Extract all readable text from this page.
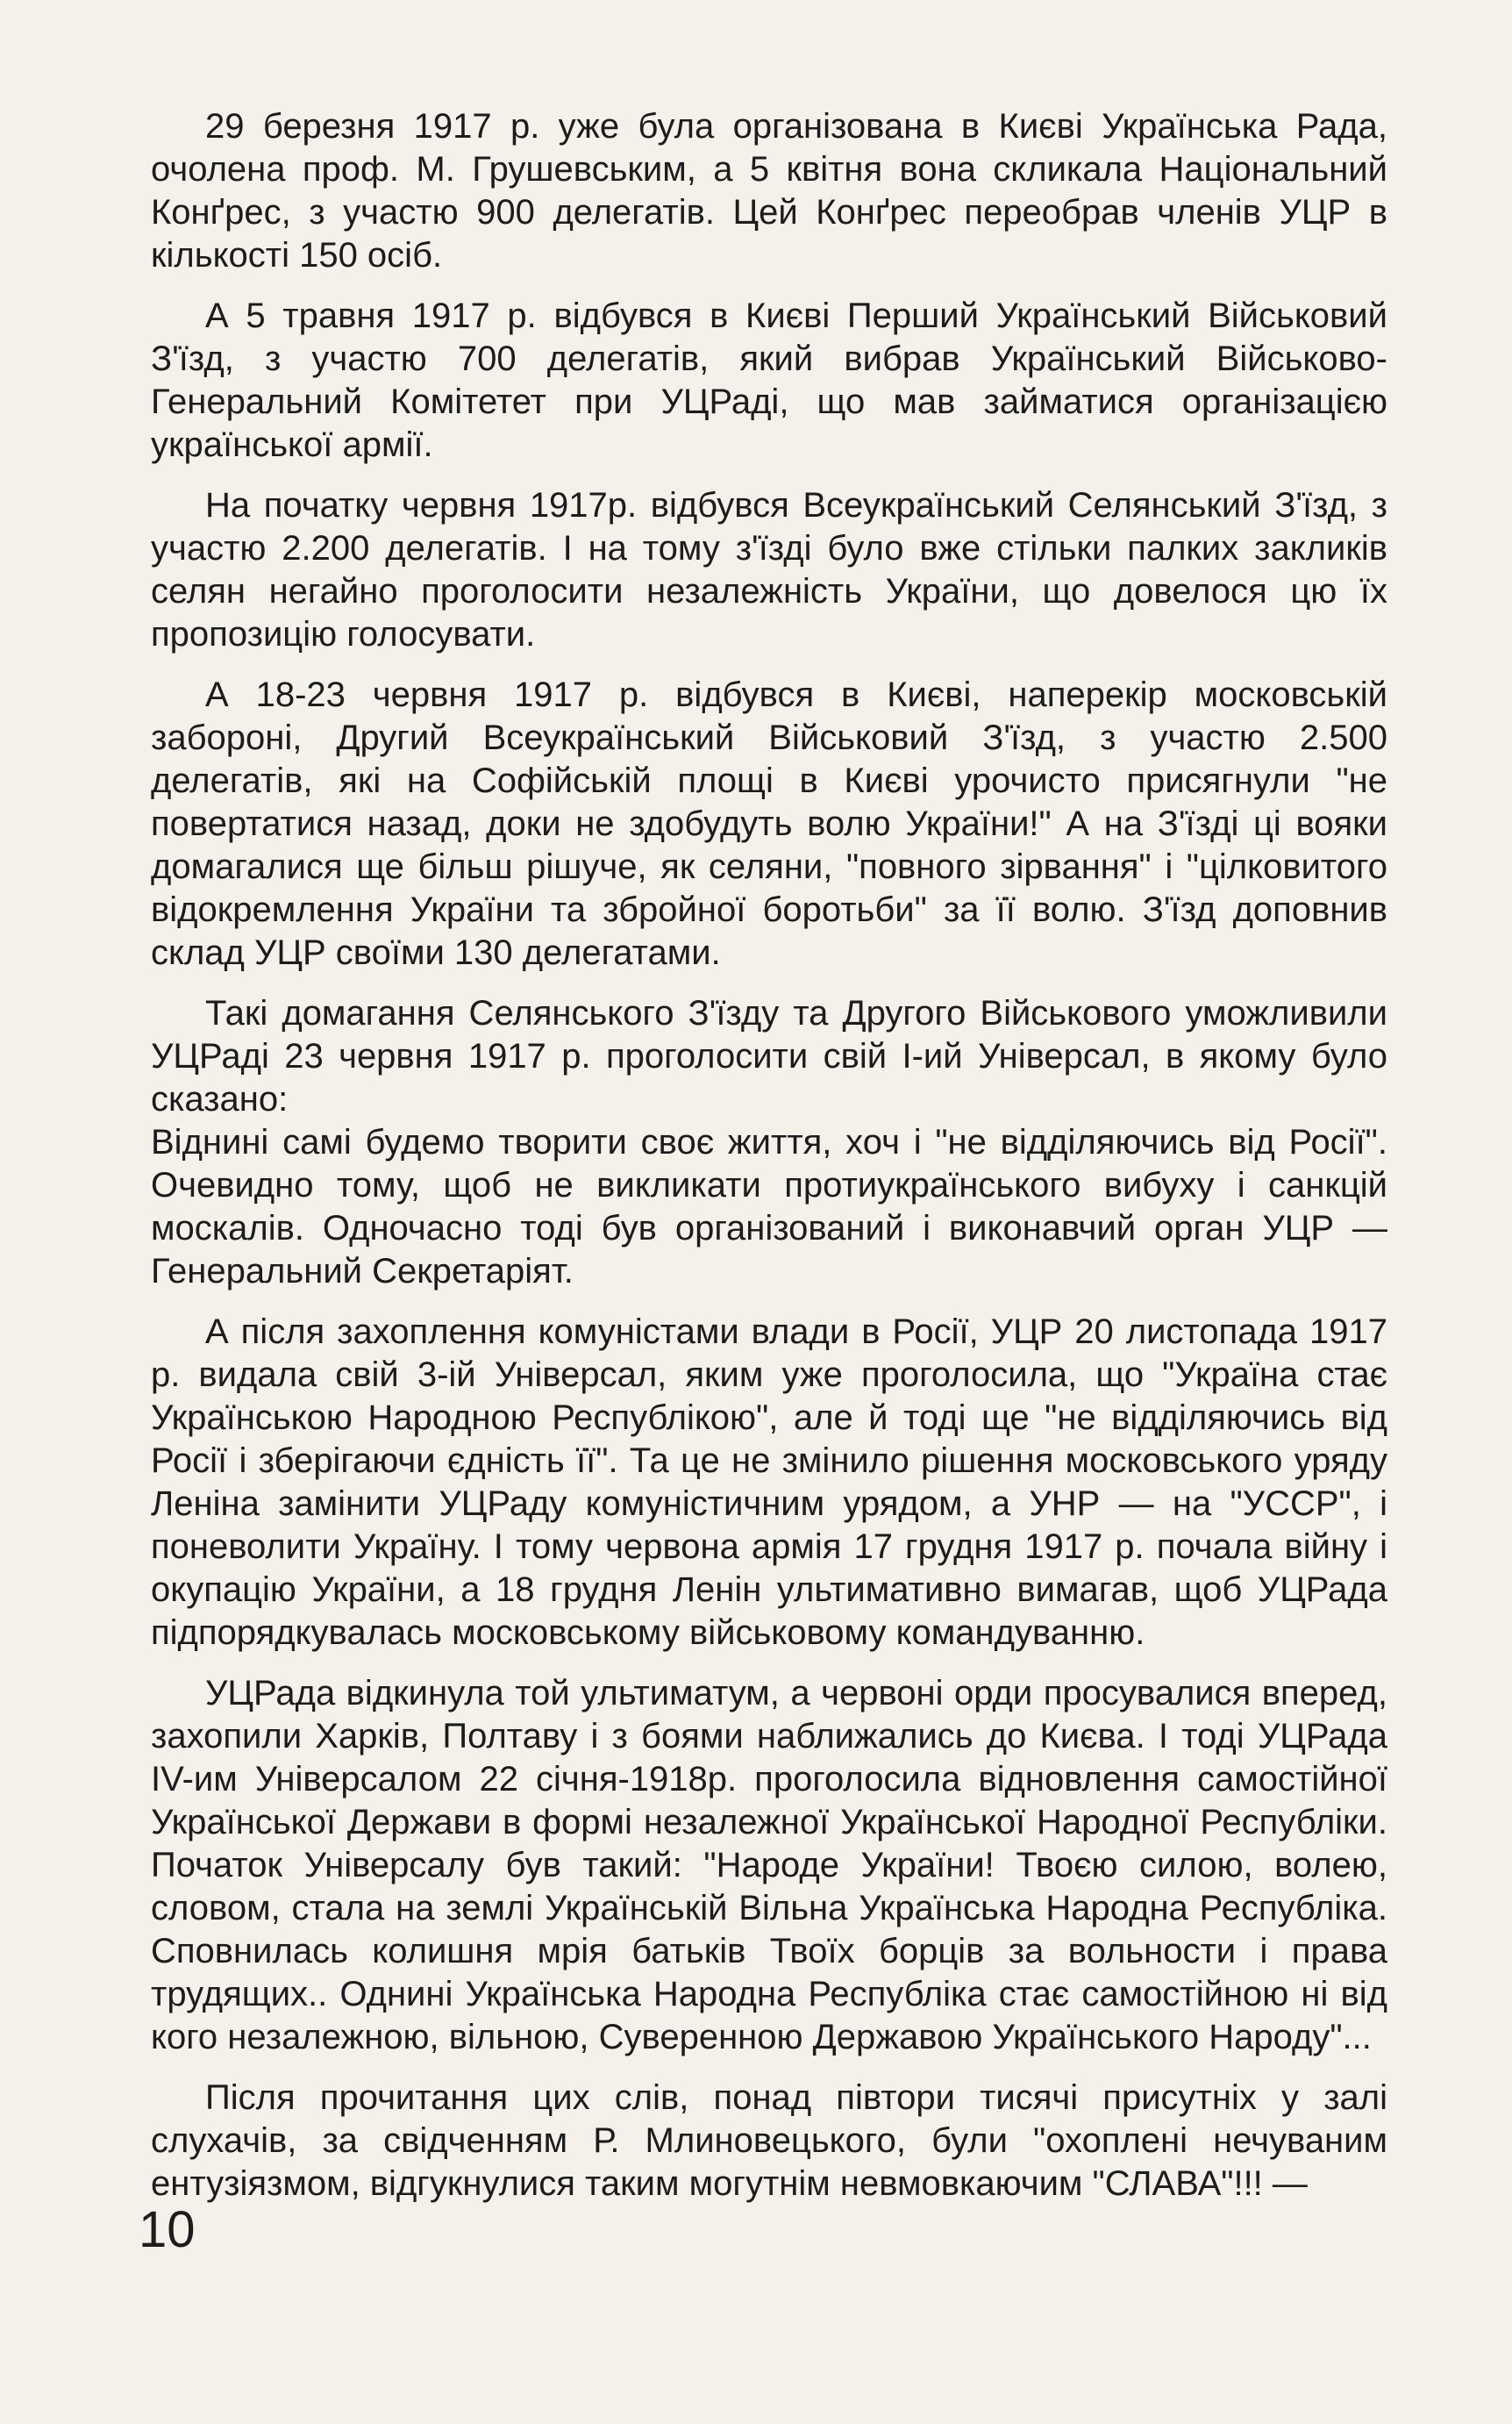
29 березня 1917 р. уже була організована в Києві Українська Рада, очолена проф. М. Грушевським, а 5 квітня вона скликала Національний Конґрес, з участю 900 делегатів. Цей Конґрес переобрав членів УЦР в кількості 150 осіб.

А 5 травня 1917 р. відбувся в Києві Перший Український Військовий З'їзд, з участю 700 делегатів, який вибрав Український Військово-Генеральний Комітетет при УЦРаді, що мав займатися організацією української армії.

На початку червня 1917р. відбувся Всеукраїнський Селянський З'їзд, з участю 2.200 делегатів. І на тому з'їзді було вже стільки палких закликів селян негайно проголосити незалежність України, що довелося цю їх пропозицію голосувати.

А 18-23 червня 1917 р. відбувся в Києві, наперекір московській забороні, Другий Всеукраїнський Військовий З'їзд, з участю 2.500 делегатів, які на Софійській площі в Києві урочисто присягнули "не повертатися назад, доки не здобудуть волю України!" А на З'їзді ці вояки домагалися ще більш рішуче, як селяни, "повного зірвання" і "цілковитого відокремлення України та збройної боротьби" за її волю. З'їзд доповнив склад УЦР своїми 130 делегатами.

Такі домагання Селянського З'їзду та Другого Військового уможливили УЦРаді 23 червня 1917 р. проголосити свій І-ий Універсал, в якому було сказано:

Віднині самі будемо творити своє життя, хоч і "не відділяючись від Росії". Очевидно тому, щоб не викликати протиукраїнського вибуху і санкцій москалів. Одночасно тоді був організований і виконавчий орган УЦР — Генеральний Секретаріят.

А після захоплення комуністами влади в Росії, УЦР 20 листопада 1917 р. видала свій 3-ій Універсал, яким уже проголосила, що "Україна стає Українською Народною Республікою", але й тоді ще "не відділяючись від Росії і зберігаючи єдність її". Та це не змінило рішення московського уряду Леніна замінити УЦРаду комуністичним урядом, а УНР — на "УССР", і поневолити Україну. І тому червона армія 17 грудня 1917 р. почала війну і окупацію України, а 18 грудня Ленін ультимативно вимагав, щоб УЦРада підпорядкувалась московському військовому командуванню.

УЦРада відкинула той ультиматум, а червоні орди просувалися вперед, захопили Харків, Полтаву і з боями наближались до Києва. І тоді УЦРада IV-им Універсалом 22 січня-1918р. проголосила відновлення самостійної Української Держави в формі незалежної Української Народної Республіки. Початок Універсалу був такий: "Народе України! Твоєю силою, волею, словом, стала на землі Українській Вільна Українська Народна Республіка. Сповнилась колишня мрія батьків Твоїх борців за вольности і права трудящих.. Однині Українська Народна Республіка стає самостійною ні від кого незалежною, вільною, Суверенною Державою Українського Народу"...

Після прочитання цих слів, понад півтори тисячі присутніх у залі слухачів, за свідченням Р. Млиновецького, були "охоплені нечуваним ентузіязмом, відгукнулися таким могутнім невмовкаючим "СЛАВА"!!! —

10
